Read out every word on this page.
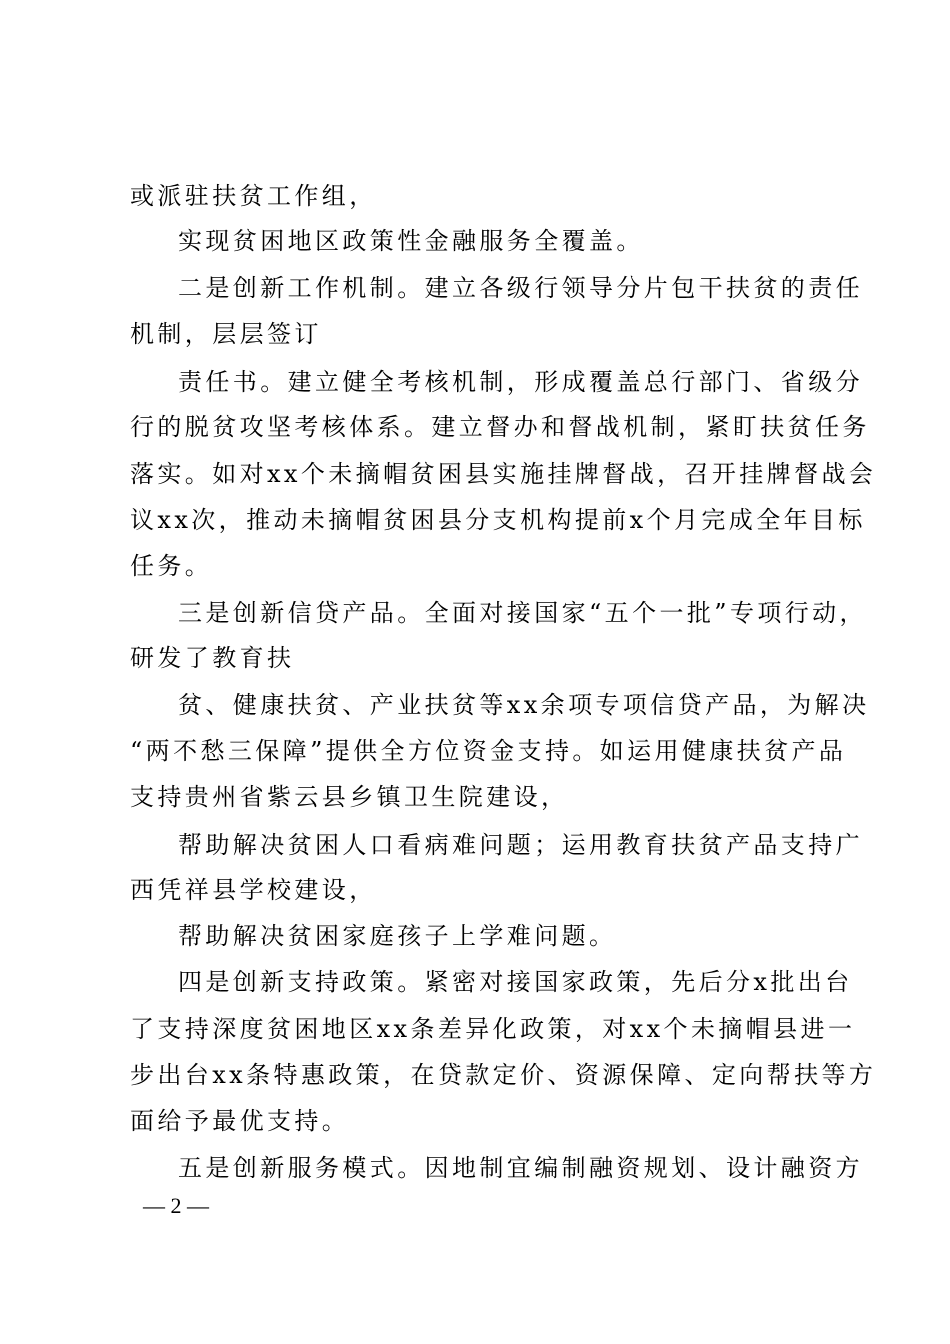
或派驻扶贫工作组，
实现贫困地区政策性金融服务全覆盖。
二是创新工作机制。建立各级行领导分片包干扶贫的责任
机制，层层签订
责任书。建立健全考核机制，形成覆盖总行部门、省级分
行的脱贫攻坚考核体系。建立督办和督战机制，紧盯扶贫任务
落实。如对xx个未摘帽贫困县实施挂牌督战，召开挂牌督战会
议xx次，推动未摘帽贫困县分支机构提前x个月完成全年目标
任务。
三是创新信贷产品。全面对接国家“五个一批”专项行动，
研发了教育扶
贫、健康扶贫、产业扶贫等xx余项专项信贷产品，为解决
“两不愁三保障”提供全方位资金支持。如运用健康扶贫产品
支持贵州省紫云县乡镇卫生院建设，
帮助解决贫困人口看病难问题；运用教育扶贫产品支持广
西凭祥县学校建设，
帮助解决贫困家庭孩子上学难问题。
四是创新支持政策。紧密对接国家政策，先后分x批出台
了支持深度贫困地区xx条差异化政策，对xx个未摘帽县进一
步出台xx条特惠政策，在贷款定价、资源保障、定向帮扶等方
面给予最优支持。
五是创新服务模式。因地制宜编制融资规划、设计融资方
— 2 —
